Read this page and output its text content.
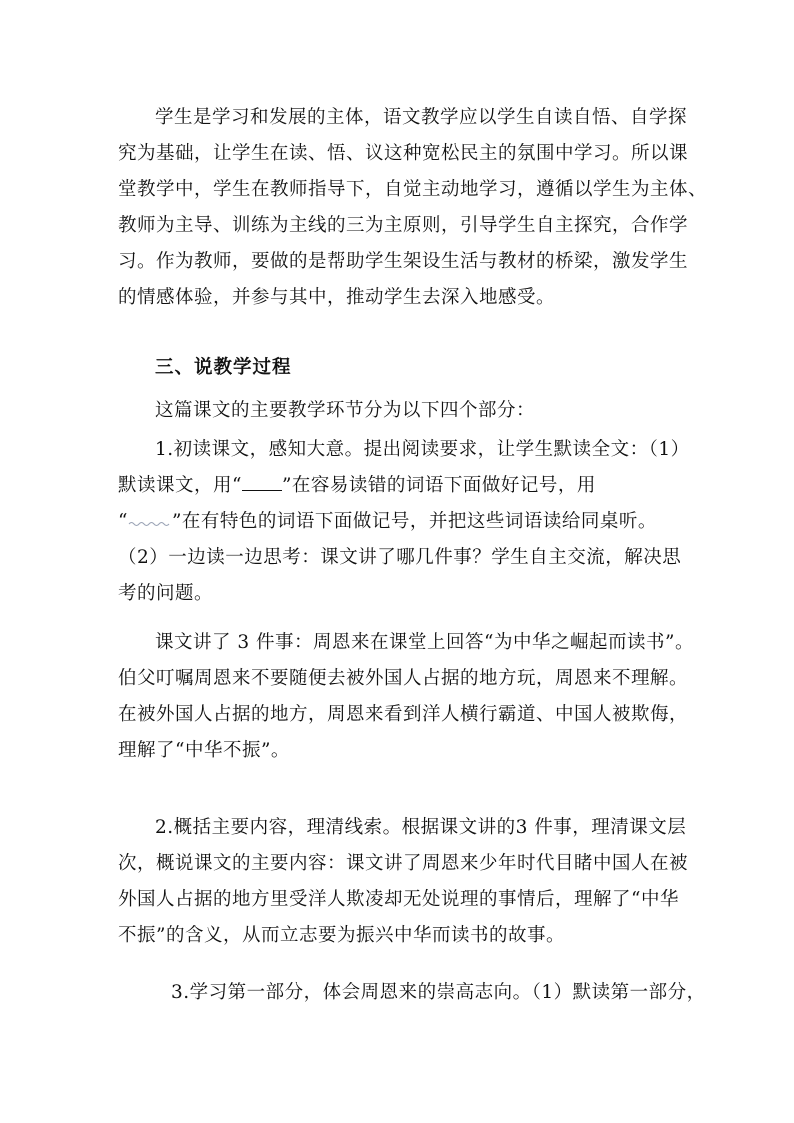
学生是学习和发展的主体，语文教学应以学生自读自悟、自学探
究为基础，让学生在读、悟、议这种宽松民主的氛围中学习。所以课
堂教学中，学生在教师指导下，自觉主动地学习，遵循以学生为主体、
教师为主导、训练为主线的三为主原则，引导学生自主探究，合作学
习。作为教师，要做的是帮助学生架设生活与教材的桥梁，激发学生
的情感体验，并参与其中，推动学生去深入地感受。
三、说教学过程
这篇课文的主要教学环节分为以下四个部分：
1.初读课文，感知大意。提出阅读要求，让学生默读全文：（1）
默读课文，用“ ”在容易读错的词语下面做好记号，用
“ ”在有特色的词语下面做记号，并把这些词语读给同桌听。
（2）一边读一边思考：课文讲了哪几件事？学生自主交流，解决思
考的问题。
课文讲了 3 件事：周恩来在课堂上回答“为中华之崛起而读书”。
伯父叮嘱周恩来不要随便去被外国人占据的地方玩，周恩来不理解。
在被外国人占据的地方，周恩来看到洋人横行霸道、中国人被欺侮，
理解了“中华不振”。
2.概括主要内容，理清线索。根据课文讲的3 件事，理清课文层
次，概说课文的主要内容：课文讲了周恩来少年时代目睹中国人在被
外国人占据的地方里受洋人欺凌却无处说理的事情后，理解了“中华
不振”的含义，从而立志要为振兴中华而读书的故事。
3.学习第一部分，体会周恩来的崇高志向。（1）默读第一部分，
